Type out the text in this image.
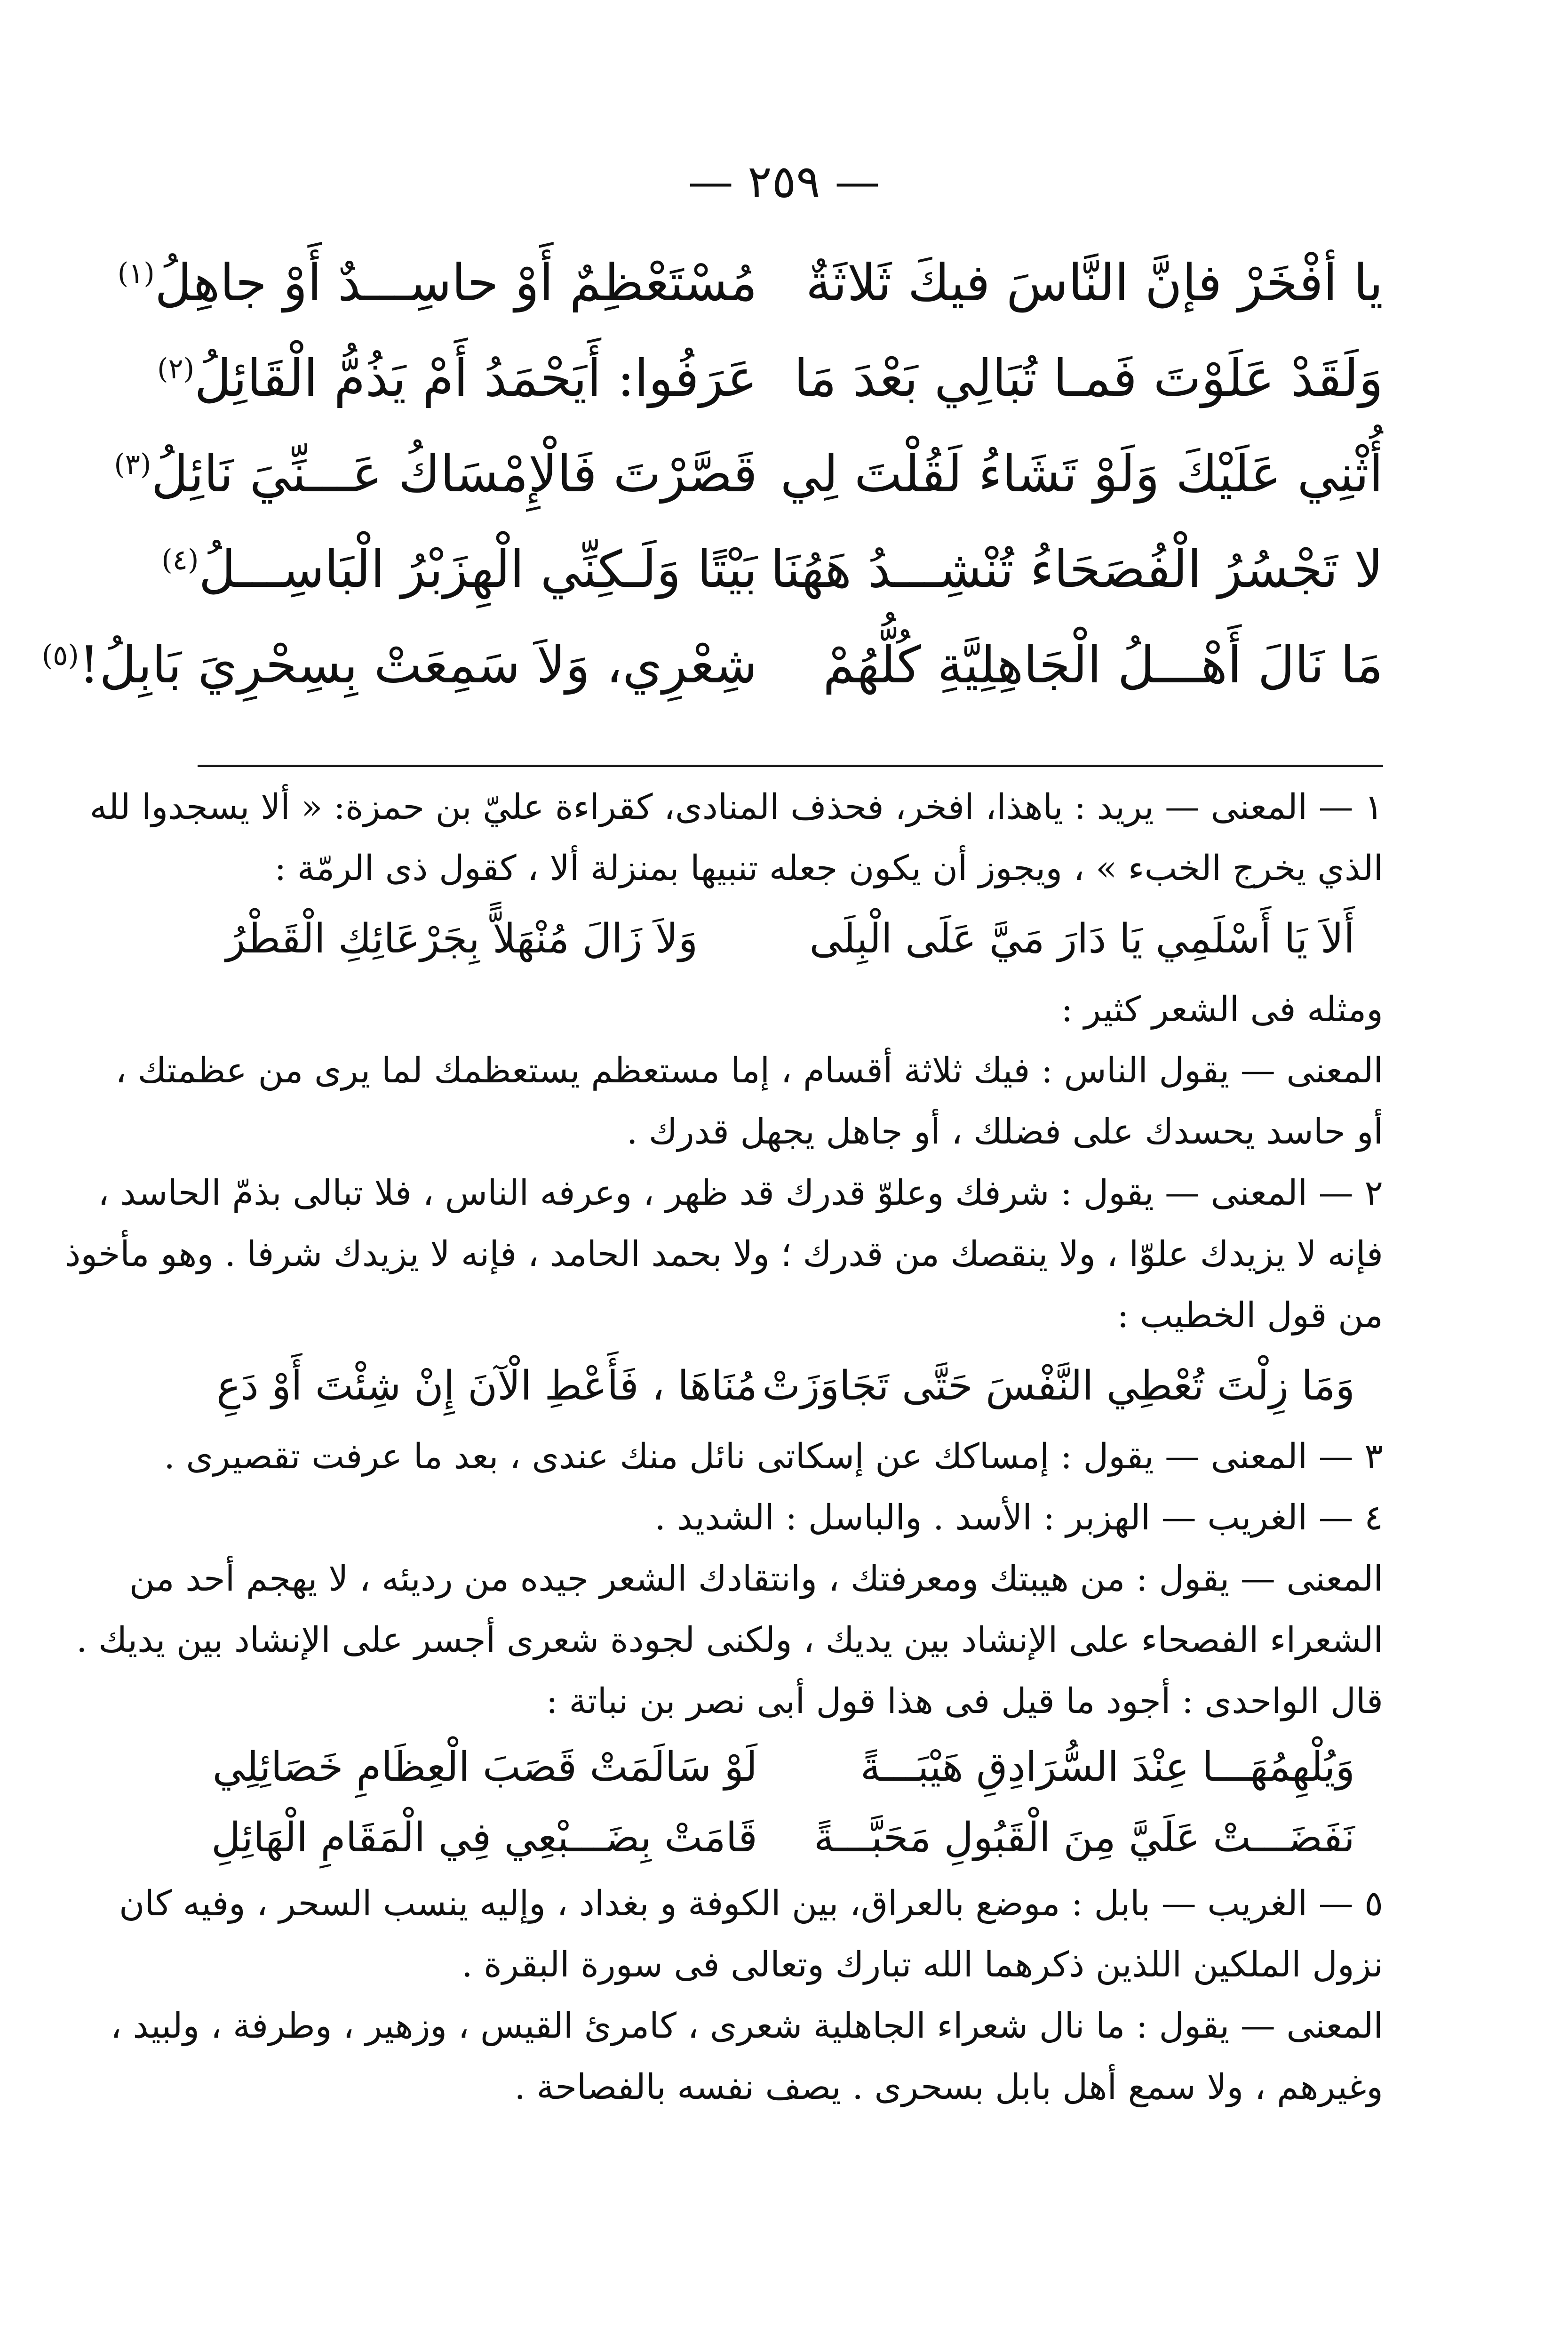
— ٢٥٩ —
يا أفْخَرْ فإنَّ النَّاسَ فيكَ ثَلاثَةٌ
مُسْتَعْظِمٌ أَوْ حاسِـــدٌ أَوْ جاهِلُ$^{(١)}$
وَلَقَدْ عَلَوْتَ فَمـا تُبَالِي بَعْدَ مَا
عَرَفُوا: أَيَحْمَدُ أَمْ يَذُمُّ الْقَائِلُ$^{(٢)}$
أُثْنِي عَلَيْكَ وَلَوْ تَشَاءُ لَقُلْتَ لِي
قَصَّرْتَ فَالْإِمْسَاكُ عَـــنِّيَ نَائِلُ$^{(٣)}$
لا تَجْسُرُ الْفُصَحَاءُ تُنْشِـــدُ هَهُنَا
بَيْتًا وَلَـكِنِّي الْهِزَبْرُ الْبَاسِـــلُ$^{(٤)}$
مَا نَالَ أَهْـــلُ الْجَاهِلِيَّةِ كُلُّهُمْ
شِعْرِي، وَلاَ سَمِعَتْ بِسِحْرِيَ بَابِلُ!$^{(٥)}$
١ — المعنى — يريد : ياهذا، افخر، فحذف المنادى، كقراءة عليّ بن حمزة: « ألا يسجدوا لله
الذي يخرج الخبء » ، ويجوز أن يكون جعله تنبيها بمنزلة ألا ، كقول ذى الرمّة :
أَلاَ يَا أَسْلَمِي يَا دَارَ مَيَّ عَلَى الْبِلَى
وَلاَ زَالَ مُنْهَلاًّ بِجَرْعَائِكِ الْقَطْرُ
ومثله فى الشعر كثير :
المعنى — يقول الناس : فيك ثلاثة أقسام ، إما مستعظم يستعظمك لما يرى من عظمتك ،
أو حاسد يحسدك على فضلك ، أو جاهل يجهل قدرك .
٢ — المعنى — يقول : شرفك وعلوّ قدرك قد ظهر ، وعرفه الناس ، فلا تبالى بذمّ الحاسد ،
فإنه لا يزيدك علوّا ، ولا ينقصك من قدرك ؛ ولا بحمد الحامد ، فإنه لا يزيدك شرفا . وهو مأخوذ
من قول الخطيب :
وَمَا زِلْتَ تُعْطِي النَّفْسَ حَتَّى تَجَاوَزَتْ
مُنَاهَا ، فَأَعْطِ الْآنَ إِنْ شِئْتَ أَوْ دَعِ
٣ — المعنى — يقول : إمساكك عن إسكاتى نائل منك عندى ، بعد ما عرفت تقصيرى .
٤ — الغريب — الهزبر : الأسد . والباسل : الشديد .
المعنى — يقول : من هيبتك ومعرفتك ، وانتقادك الشعر جيده من رديئه ، لا يهجم أحد من
الشعراء الفصحاء على الإنشاد بين يديك ، ولكنى لجودة شعرى أجسر على الإنشاد بين يديك .
قال الواحدى : أجود ما قيل فى هذا قول أبى نصر بن نباتة :
وَيُلْهِمُهَـــا عِنْدَ السُّرَادِقِ هَيْبَـــةً
لَوْ سَالَمَتْ قَصَبَ الْعِظَامِ خَصَائِلِي
نَفَضَـــتْ عَلَيَّ مِنَ الْقَبُولِ مَحَبَّـــةً
قَامَتْ بِضَـــبْعِي فِي الْمَقَامِ الْهَائِلِ
٥ — الغريب — بابل : موضع بالعراق، بين الكوفة و بغداد ، وإليه ينسب السحر ، وفيه كان
نزول الملكين اللذين ذكرهما الله تبارك وتعالى فى سورة البقرة .
المعنى — يقول : ما نال شعراء الجاهلية شعرى ، كامرئ القيس ، وزهير ، وطرفة ، ولبيد ،
وغيرهم ، ولا سمع أهل بابل بسحرى . يصف نفسه بالفصاحة .
